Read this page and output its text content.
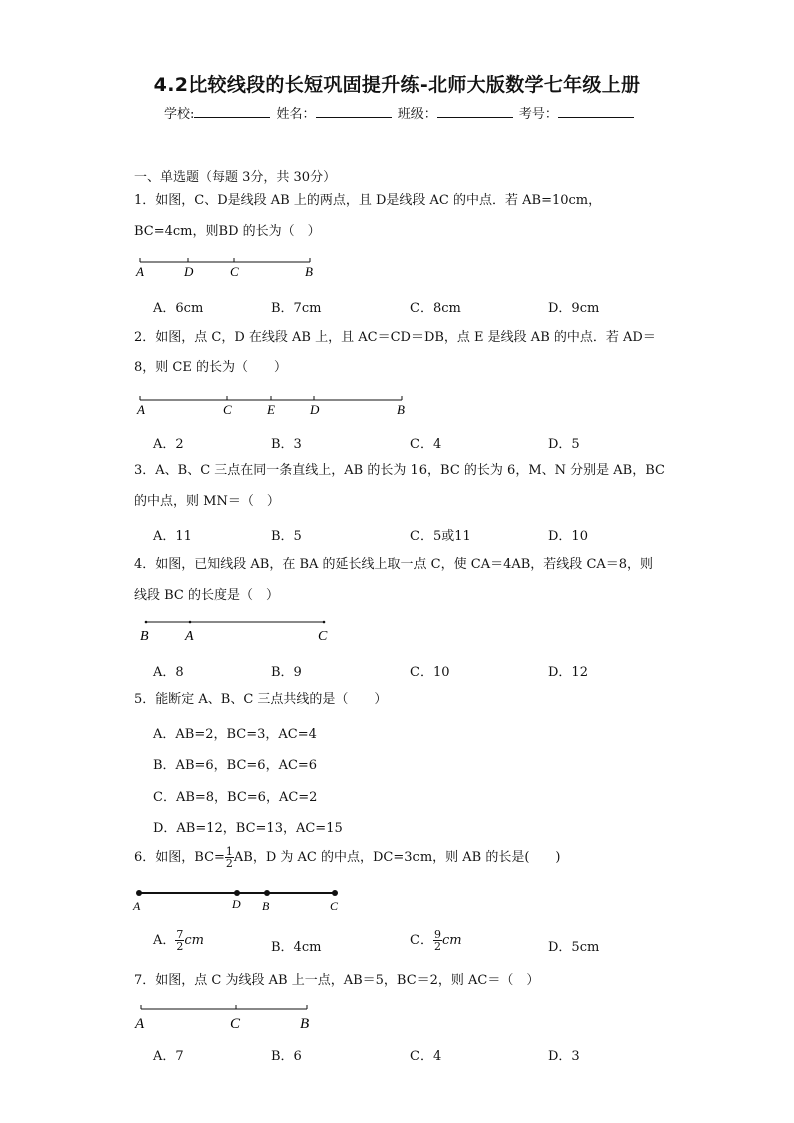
4.2比较线段的长短巩固提升练-北师大版数学七年级上册
学校:	姓名：	班级：	考号：
一、单选题（每题 3分，共 30分）
1．如图，C、D是线段 AB 上的两点，且 D是线段 AC 的中点．若 AB=10cm，
BC=4cm，则BD 的长为（　）
A	D	C	B
A．6cm	B．7cm	C．8cm	D．9cm
2．如图，点 C，D 在线段 AB 上，且 AC＝CD＝DB，点 E 是线段 AB 的中点．若 AD＝
8，则 CE 的长为（　　）
A	C	E	D	B
A．2	B．3	C．4	D．5
3．A、B、C 三点在同一条直线上，AB 的长为 16，BC 的长为 6，M、N 分别是 AB，BC
的中点，则 MN＝（　）
A．11	B．5	C．5或11	D．10
4．如图，已知线段 AB，在 BA 的延长线上取一点 C，使 CA＝4AB，若线段 CA＝8，则
线段 BC 的长度是（　）
B	A	C
A．8	B．9	C．10	D．12
5．能断定 A、B、C 三点共线的是（　　）
A．AB=2，BC=3，AC=4
B．AB=6，BC=6，AC=6
C．AB=8，BC=6，AC=2
D．AB=12，BC=13，AC=15
6．如图，$BC= \frac{1}{2}$ AB，D 为 AC 的中点，DC=3cm，则 AB 的长是(　　)
A	D B	C
A． $\frac{7}{2}$ cm	B．4cm	C． $\frac{9}{2}$ cm	D．5cm
7．如图，点 C 为线段 AB 上一点，AB＝5，BC＝2，则 AC＝（　）
A	C	B
A．7	B．6	C．4	D．3
